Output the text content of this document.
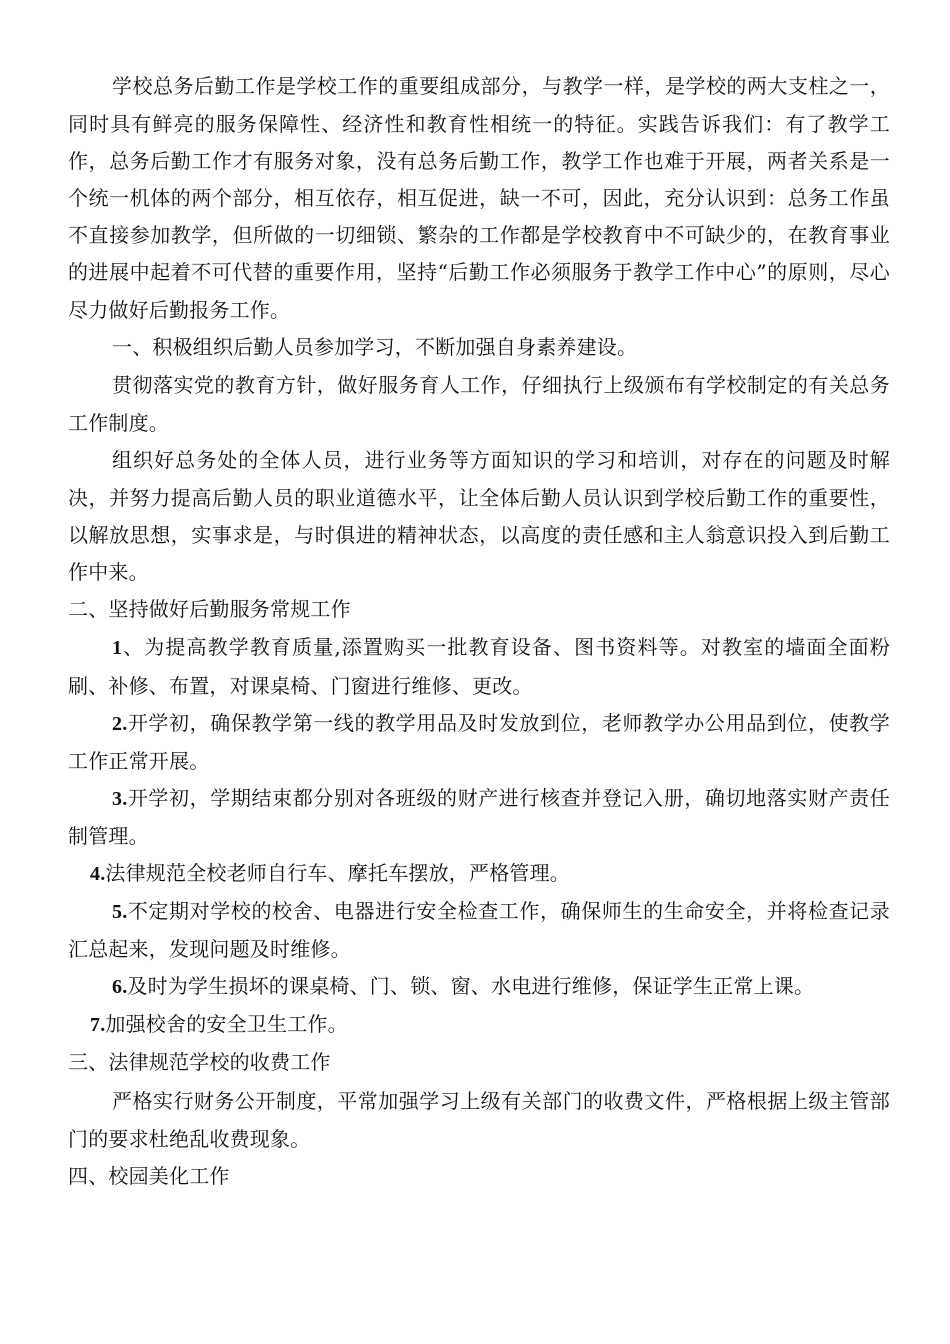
学校总务后勤工作是学校工作的重要组成部分，与教学一样，是学校的两大支柱之一，同时具有鲜亮的服务保障性、经济性和教育性相统一的特征。实践告诉我们：有了教学工作，总务后勤工作才有服务对象，没有总务后勤工作，教学工作也难于开展，两者关系是一个统一机体的两个部分，相互依存，相互促进，缺一不可，因此，充分认识到：总务工作虽不直接参加教学，但所做的一切细锁、繁杂的工作都是学校教育中不可缺少的，在教育事业的进展中起着不可代替的重要作用，坚持“后勤工作必须服务于教学工作中心”的原则，尽心尽力做好后勤报务工作。

一、积极组织后勤人员参加学习，不断加强自身素养建设。

贯彻落实党的教育方针，做好服务育人工作，仔细执行上级颁布有学校制定的有关总务工作制度。

组织好总务处的全体人员，进行业务等方面知识的学习和培训，对存在的问题及时解决，并努力提高后勤人员的职业道德水平，让全体后勤人员认识到学校后勤工作的重要性，以解放思想，实事求是，与时俱进的精神状态，以高度的责任感和主人翁意识投入到后勤工作中来。

二、坚持做好后勤服务常规工作

1、为提高教学教育质量,添置购买一批教育设备、图书资料等。对教室的墙面全面粉刷、补修、布置，对课桌椅、门窗进行维修、更改。

2.开学初，确保教学第一线的教学用品及时发放到位，老师教学办公用品到位，使教学工作正常开展。

3.开学初，学期结束都分别对各班级的财产进行核查并登记入册，确切地落实财产责任制管理。

4.法律规范全校老师自行车、摩托车摆放，严格管理。

5.不定期对学校的校舍、电器进行安全检查工作，确保师生的生命安全，并将检查记录汇总起来，发现问题及时维修。

6.及时为学生损坏的课桌椅、门、锁、窗、水电进行维修，保证学生正常上课。

7.加强校舍的安全卫生工作。

三、法律规范学校的收费工作

严格实行财务公开制度，平常加强学习上级有关部门的收费文件，严格根据上级主管部门的要求杜绝乱收费现象。

四、校园美化工作
